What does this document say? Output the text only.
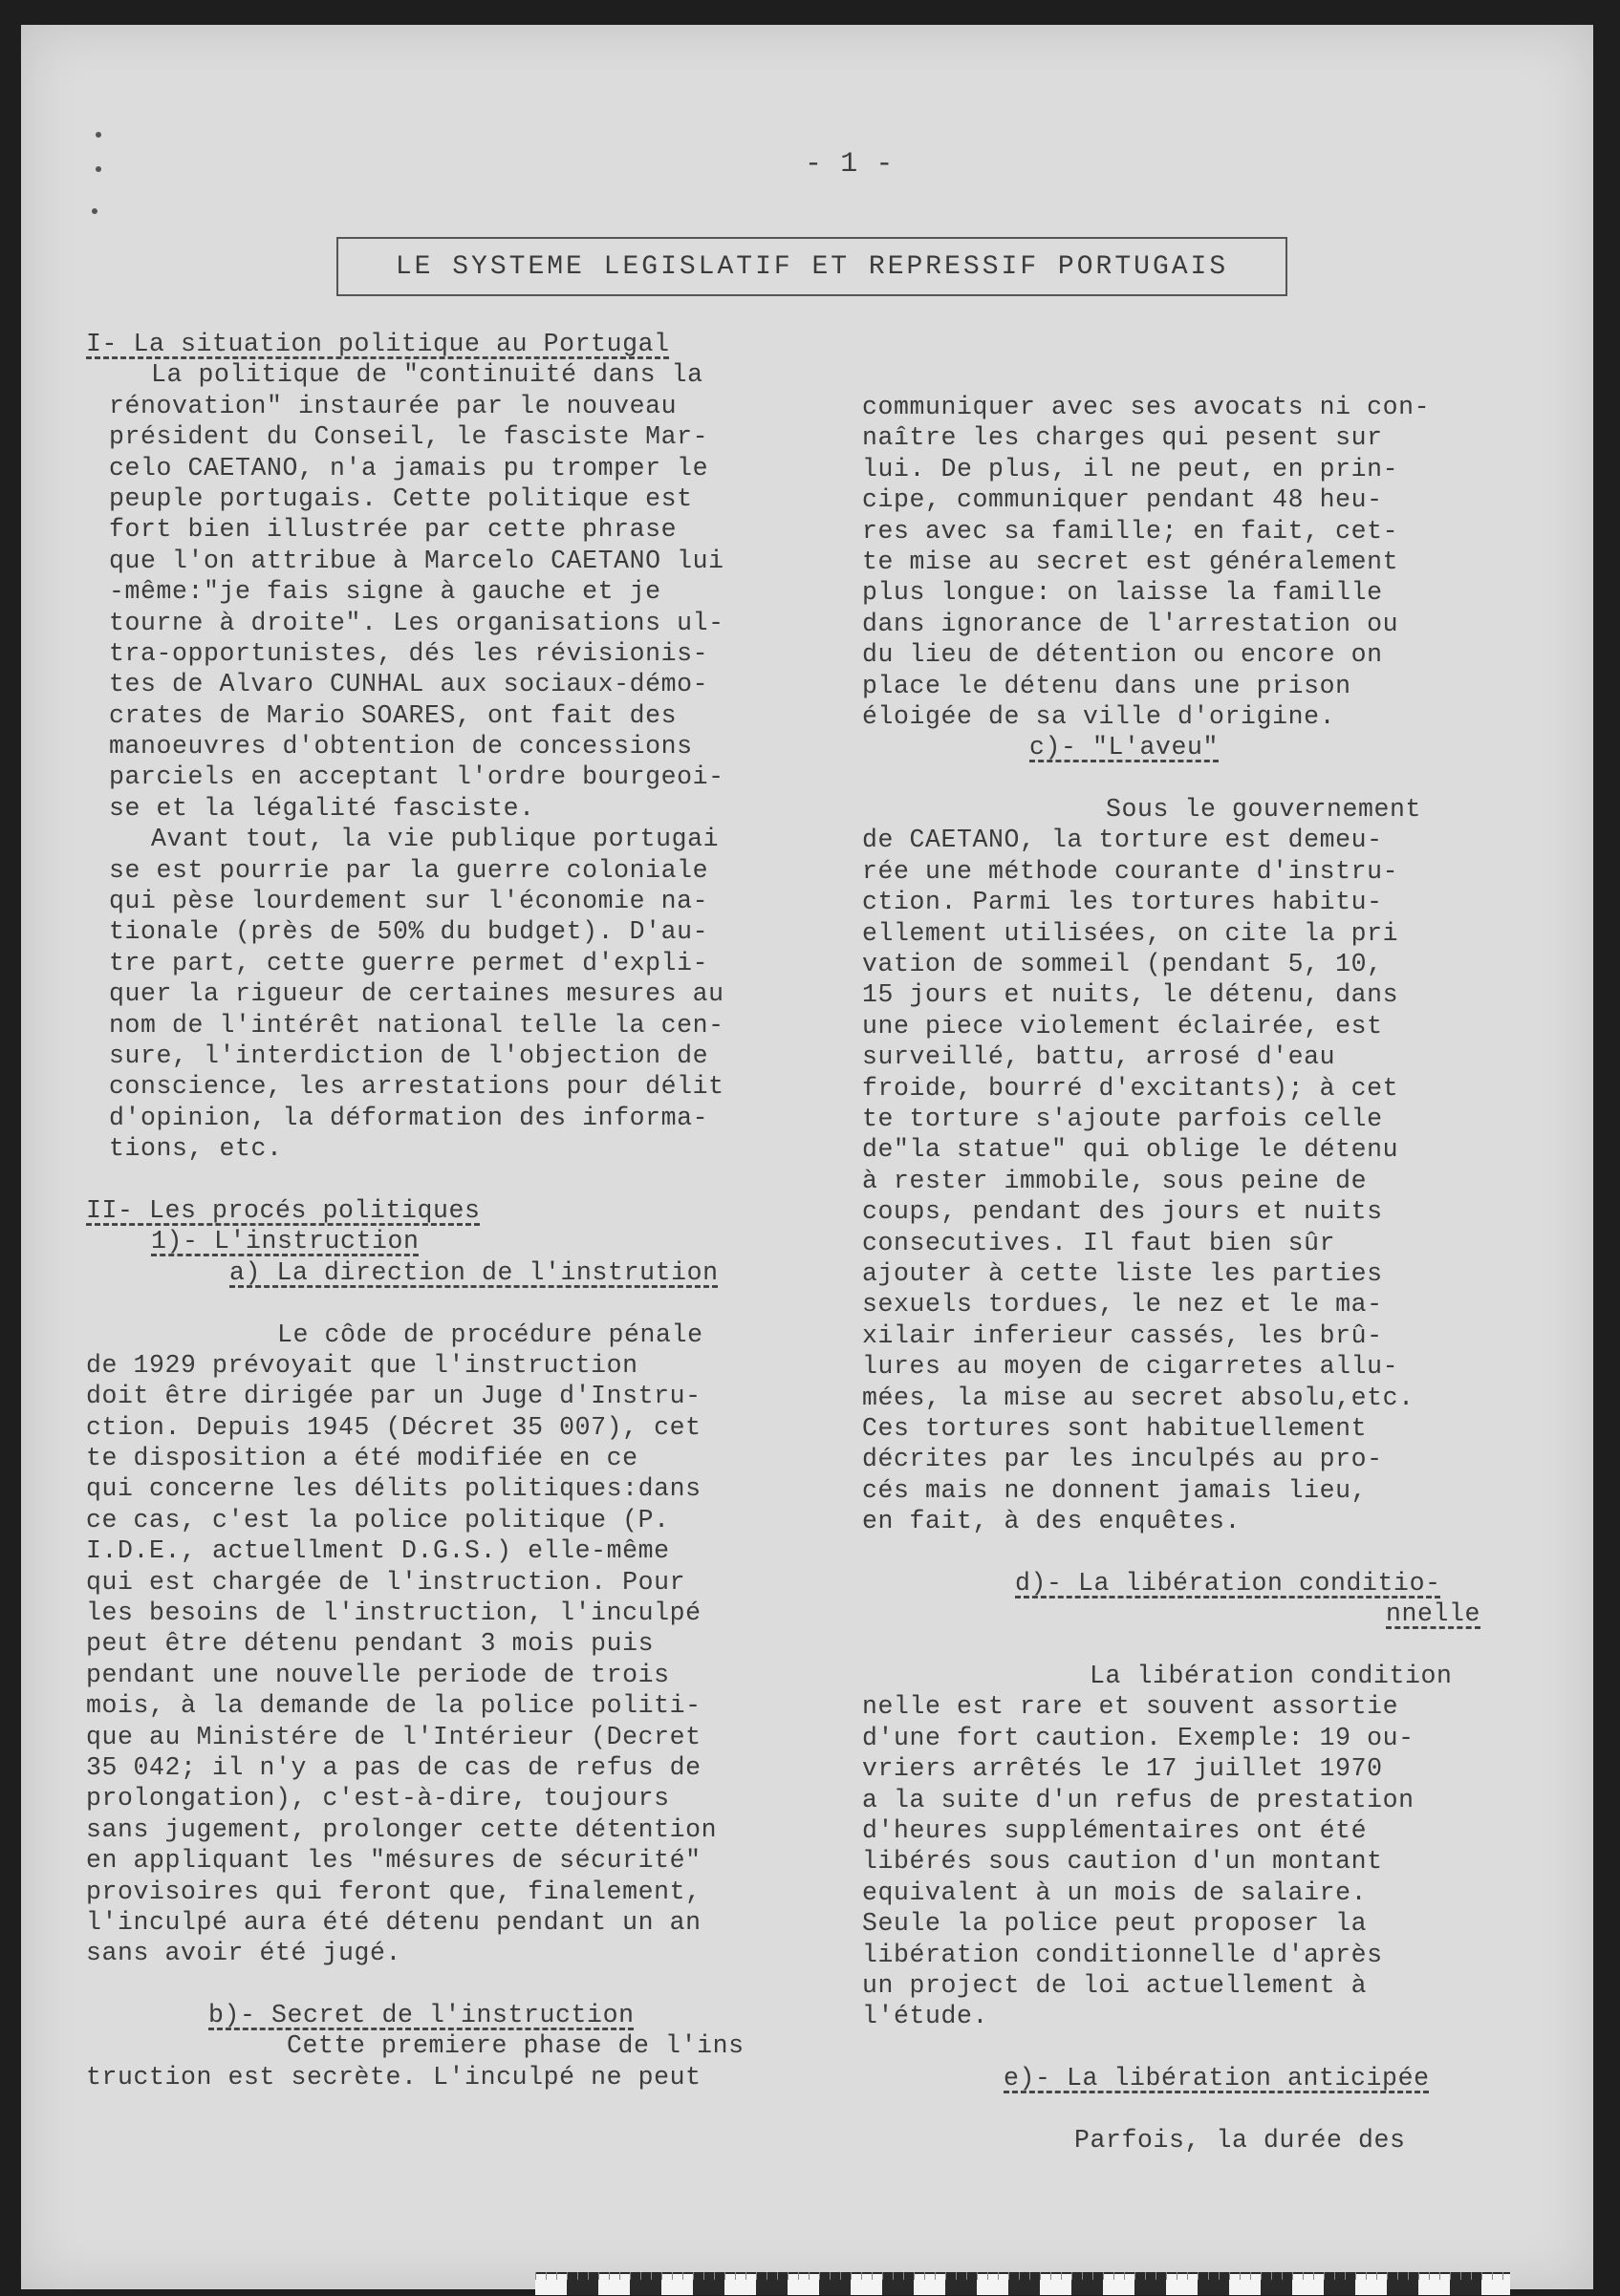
- 1 -
LE SYSTEME LEGISLATIF ET REPRESSIF PORTUGAIS
I- La situation politique au Portugal
La politique de "continuité dans la
rénovation" instaurée par le nouveau
président du Conseil, le fasciste Mar-
celo CAETANO, n'a jamais pu tromper le
peuple portugais. Cette politique est
fort bien illustrée par cette phrase
que l'on attribue à Marcelo CAETANO lui
-même:"je fais signe à gauche et je
tourne à droite". Les organisations ul-
tra-opportunistes, dés les révisionis-
tes de Alvaro CUNHAL aux sociaux-démo-
crates de Mario SOARES, ont fait des
manoeuvres d'obtention de concessions
parciels en acceptant l'ordre bourgeoi-
se et la légalité fasciste.
Avant tout, la vie publique portugai
se est pourrie par la guerre coloniale
qui pèse lourdement sur l'économie na-
tionale (près de 50% du budget). D'au-
tre part, cette guerre permet d'expli-
quer la rigueur de certaines mesures au
nom de l'intérêt national telle la cen-
sure, l'interdiction de l'objection de
conscience, les arrestations pour délit
d'opinion, la déformation des informa-
tions, etc.
II- Les procés politiques
1)- L'instruction
a) La direction de l'instrution
Le côde de procédure pénale
de 1929 prévoyait que l'instruction
doit être dirigée par un Juge d'Instru-
ction. Depuis 1945 (Décret 35 007), cet
te disposition a été modifiée en ce
qui concerne les délits politiques:dans
ce cas, c'est la police politique (P.
I.D.E., actuellment D.G.S.) elle-même
qui est chargée de l'instruction. Pour
les besoins de l'instruction, l'inculpé
peut être détenu pendant 3 mois puis
pendant une nouvelle periode de trois
mois, à la demande de la police politi-
que au Ministére de l'Intérieur (Decret
35 042; il n'y a pas de cas de refus de
prolongation), c'est-à-dire, toujours
sans jugement, prolonger cette détention
en appliquant les "mésures de sécurité"
provisoires qui feront que, finalement,
l'inculpé aura été détenu pendant un an
sans avoir été jugé.
b)- Secret de l'instruction
Cette premiere phase de l'ins
truction est secrète. L'inculpé ne peut
communiquer avec ses avocats ni con-
naître les charges qui pesent sur
lui. De plus, il ne peut, en prin-
cipe, communiquer pendant 48 heu-
res avec sa famille; en fait, cet-
te mise au secret est généralement
plus longue: on laisse la famille
dans ignorance de l'arrestation ou
du lieu de détention ou encore on
place le détenu dans une prison
éloigée de sa ville d'origine.
c)- "L'aveu"
Sous le gouvernement
de CAETANO, la torture est demeu-
rée une méthode courante d'instru-
ction. Parmi les tortures habitu-
ellement utilisées, on cite la pri
vation de sommeil (pendant 5, 10,
15 jours et nuits, le détenu, dans
une piece violement éclairée, est
surveillé, battu, arrosé d'eau
froide, bourré d'excitants); à cet
te torture s'ajoute parfois celle
de"la statue" qui oblige le détenu
à rester immobile, sous peine de
coups, pendant des jours et nuits
consecutives. Il faut bien sûr
ajouter à cette liste les parties
sexuels tordues, le nez et le ma-
xilair inferieur cassés, les brû-
lures au moyen de cigarretes allu-
mées, la mise au secret absolu,etc.
Ces tortures sont habituellement
décrites par les inculpés au pro-
cés mais ne donnent jamais lieu,
en fait, à des enquêtes.
d)- La libération conditio-
nnelle
La libération condition
nelle est rare et souvent assortie
d'une fort caution. Exemple: 19 ou-
vriers arrêtés le 17 juillet 1970
a la suite d'un refus de prestation
d'heures supplémentaires ont été
libérés sous caution d'un montant
equivalent à un mois de salaire.
Seule la police peut proposer la
libération conditionnelle d'après
un project de loi actuellement à
l'étude.
e)- La libération anticipée
Parfois, la durée des
